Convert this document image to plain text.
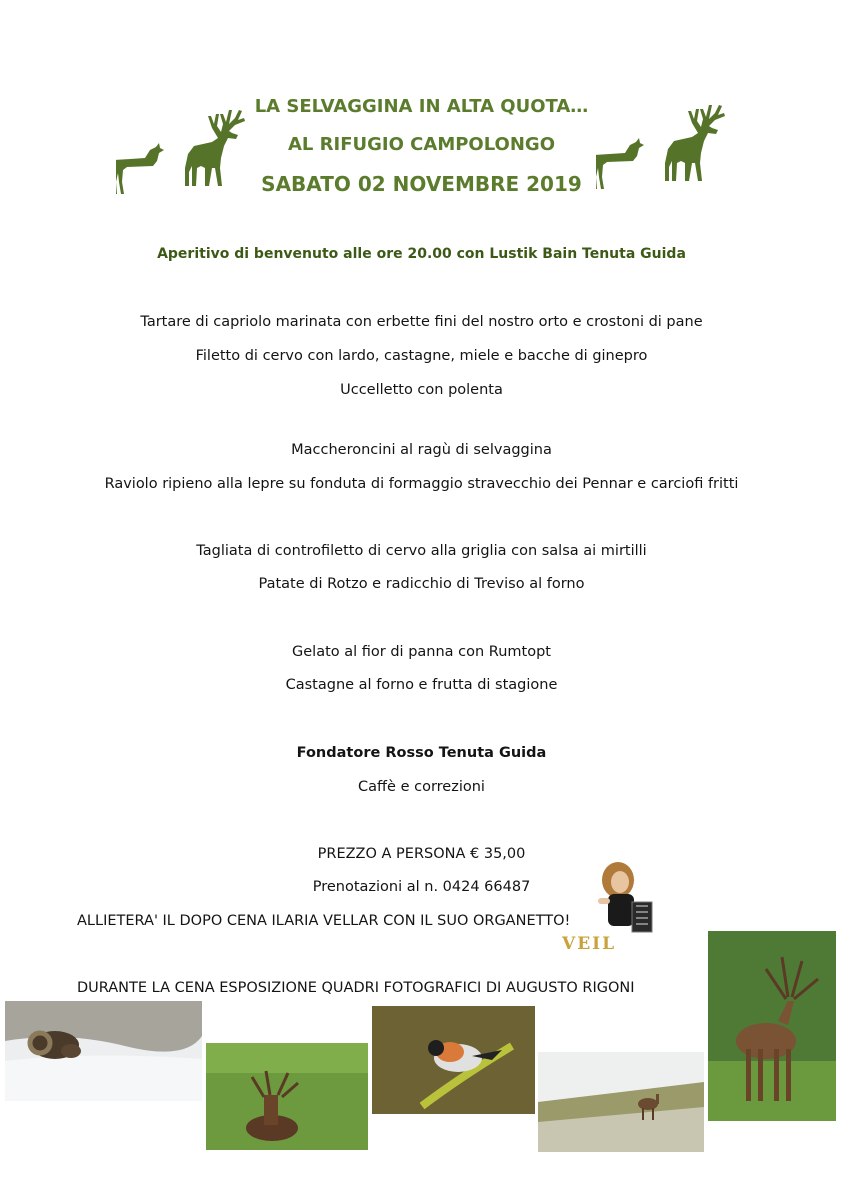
LA SELVAGGINA IN ALTA QUOTA…
AL RIFUGIO CAMPOLONGO
SABATO 02 NOVEMBRE 2019
Aperitivo di benvenuto alle ore 20.00 con Lustik Bain Tenuta Guida
Tartare di capriolo marinata con erbette fini del nostro orto e crostoni di pane
Filetto di cervo con lardo, castagne, miele e bacche di ginepro
Uccelletto con polenta
Maccheroncini al ragù di selvaggina
Raviolo ripieno alla lepre su fonduta di formaggio stravecchio dei Pennar e carciofi fritti
Tagliata di controfiletto di cervo alla griglia con salsa ai mirtilli
Patate di Rotzo e radicchio di Treviso al forno
Gelato al fior di panna con Rumtopt
Castagne al forno e frutta di stagione
Fondatore Rosso Tenuta Guida
Caffè e correzioni
PREZZO A PERSONA € 35,00
Prenotazioni al n. 0424 66487
ALLIETERA' IL DOPO CENA ILARIA VELLAR CON IL SUO ORGANETTO!
DURANTE LA CENA ESPOSIZIONE QUADRI FOTOGRAFICI DI AUGUSTO RIGONI
VEIL
